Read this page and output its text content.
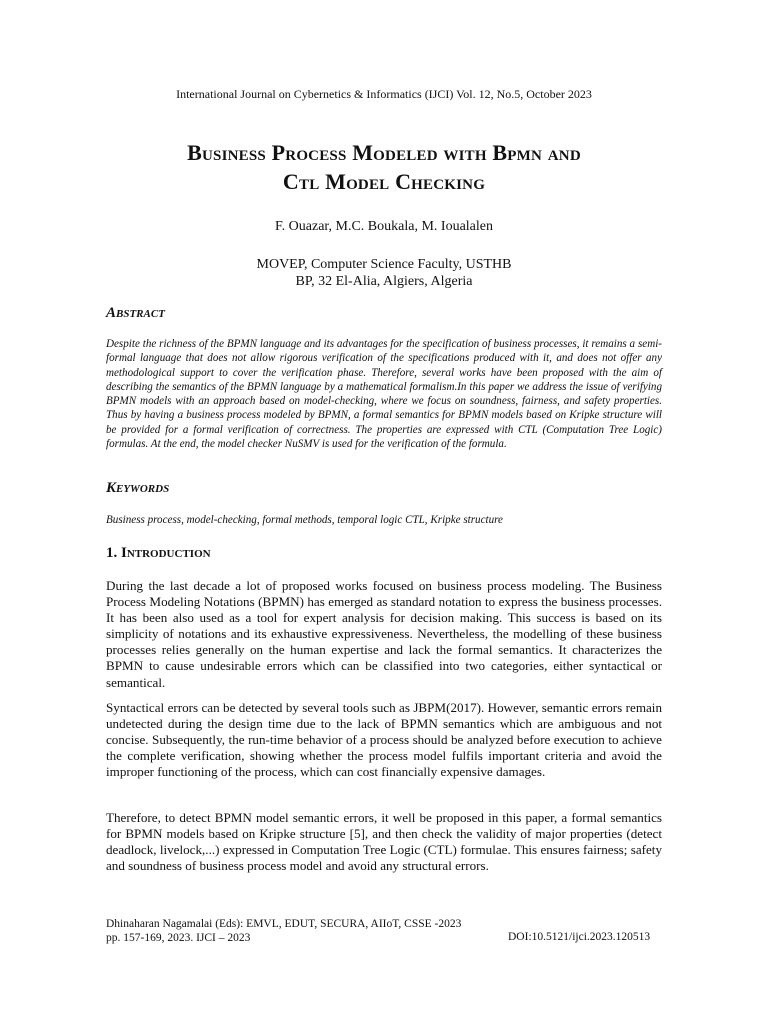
International Journal on Cybernetics & Informatics (IJCI) Vol. 12, No.5, October 2023
Business Process Modeled with Bpmn and
Ctl Model Checking
F. Ouazar, M.C. Boukala, M. Ioualalen
MOVEP, Computer Science Faculty, USTHB
BP, 32 El-Alia, Algiers, Algeria
Abstract
Despite the richness of the BPMN language and its advantages for the specification of business processes, it remains a semi-formal language that does not allow rigorous verification of the specifications produced with it, and does not offer any methodological support to cover the verification phase. Therefore, several works have been proposed with the aim of describing the semantics of the BPMN language by a mathematical formalism.In this paper we address the issue of verifying BPMN models with an approach based on model-checking, where we focus on soundness, fairness, and safety properties. Thus by having a business process modeled by BPMN, a formal semantics for BPMN models based on Kripke structure will be provided for a formal verification of correctness. The properties are expressed with CTL (Computation Tree Logic) formulas. At the end, the model checker NuSMV is used for the verification of the formula.
Keywords
Business process, model-checking, formal methods, temporal logic CTL, Kripke structure
1. Introduction
During the last decade a lot of proposed works focused on business process modeling. The Business Process Modeling Notations (BPMN) has emerged as standard notation to express the business processes. It has been also used as a tool for expert analysis for decision making. This success is based on its simplicity of notations and its exhaustive expressiveness. Nevertheless, the modelling of these business processes relies generally on the human expertise and lack the formal semantics. It characterizes the BPMN to cause undesirable errors which can be classified into two categories, either syntactical or semantical.
Syntactical errors can be detected by several tools such as JBPM(2017). However, semantic errors remain undetected during the design time due to the lack of BPMN semantics which are ambiguous and not concise. Subsequently, the run-time behavior of a process should be analyzed before execution to achieve the complete verification, showing whether the process model fulfils important criteria and avoid the improper functioning of the process, which can cost financially expensive damages.
Therefore, to detect BPMN model semantic errors, it well be proposed in this paper, a formal semantics for BPMN models based on Kripke structure [5], and then check the validity of major properties (detect deadlock, livelock,...) expressed in Computation Tree Logic (CTL) formulae. This ensures fairness; safety and soundness of business process model and avoid any structural errors.
Dhinaharan Nagamalai (Eds): EMVL, EDUT, SECURA, AIIoT, CSSE -2023
pp. 157-169, 2023. IJCI – 2023	DOI:10.5121/ijci.2023.120513
